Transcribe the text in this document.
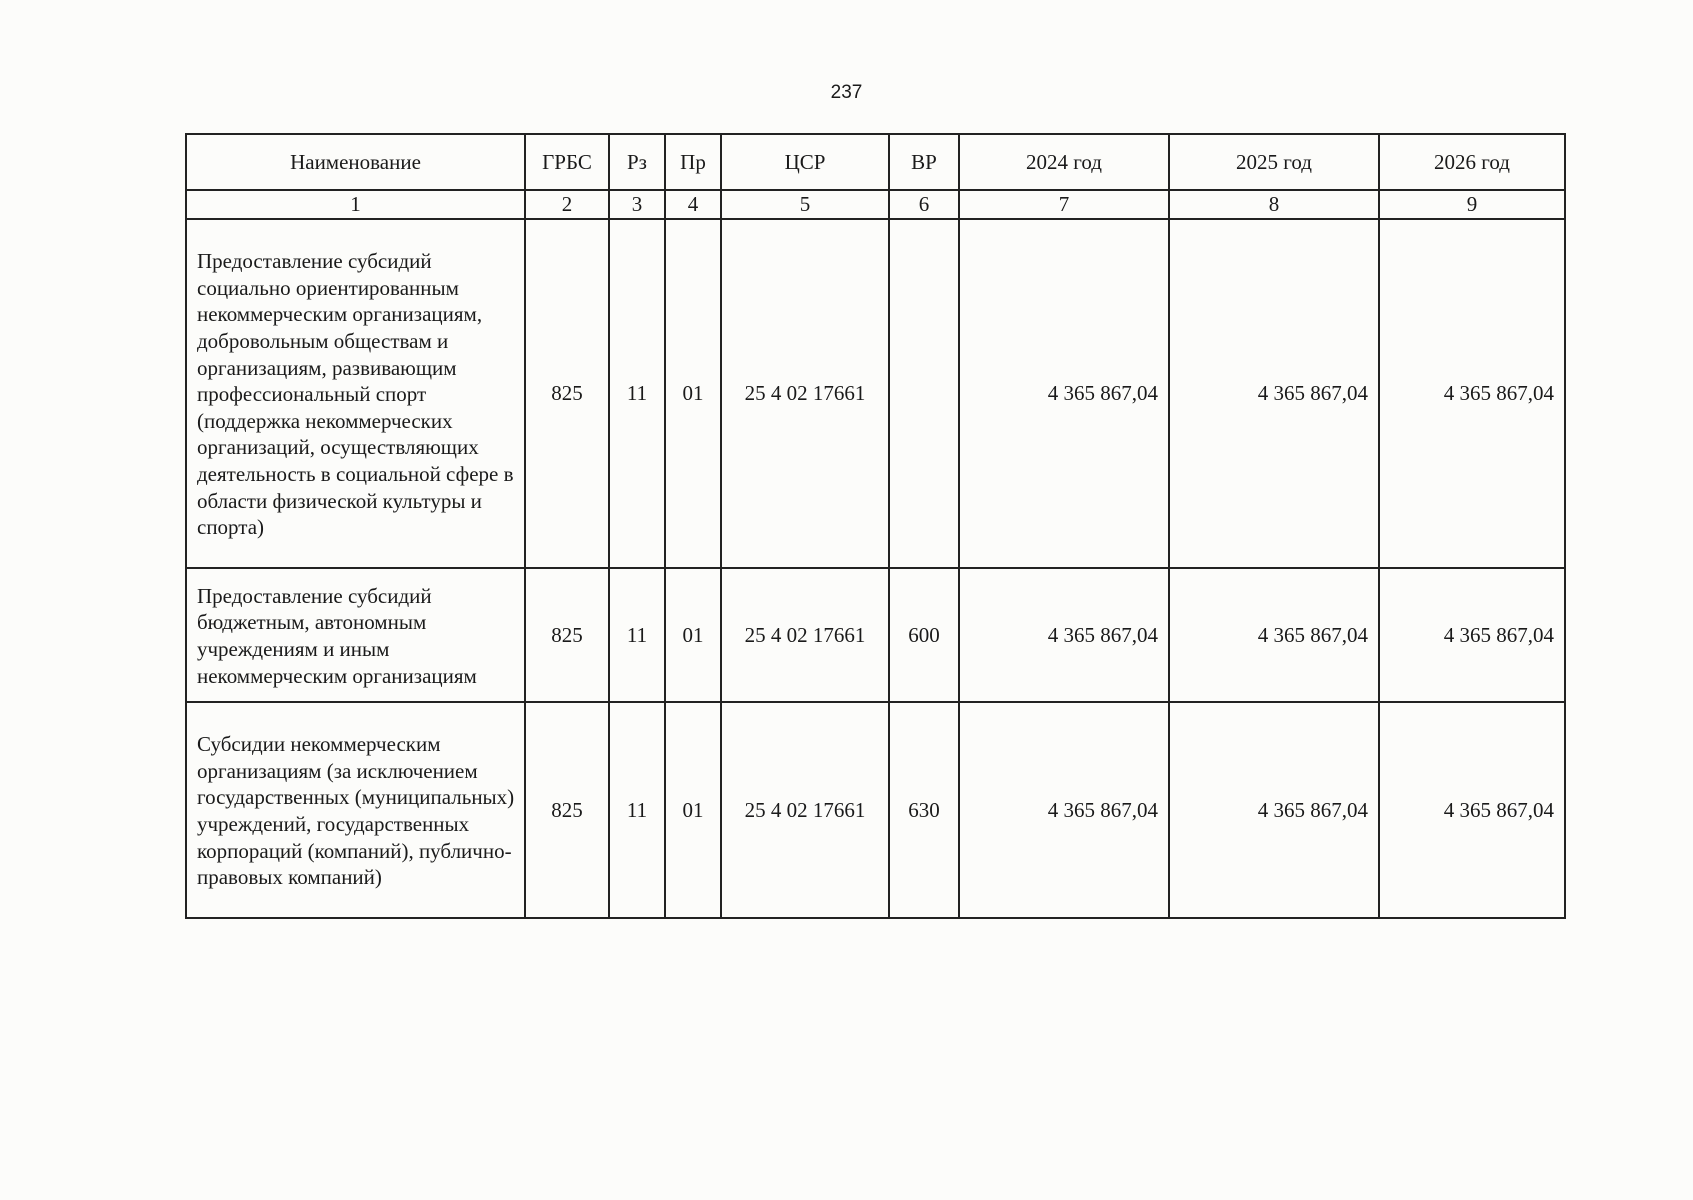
237
Наименование	ГРБС	Рз	Пр	ЦСР	ВР	2024 год	2025 год	2026 год
1	2	3	4	5	6	7	8	9
Предоставление субсидий социально ориентированным некоммерческим организациям, добровольным обществам и организациям, развивающим профессиональный спорт (поддержка некоммерческих организаций, осуществляющих деятельность в социальной сфере в области физической культуры и спорта)	825	11	01	25 4 02 17661		4 365 867,04	4 365 867,04	4 365 867,04
Предоставление субсидий бюджетным, автономным учреждениям и иным некоммерческим организациям	825	11	01	25 4 02 17661	600	4 365 867,04	4 365 867,04	4 365 867,04
Субсидии некоммерческим организациям (за исключением государственных (муниципальных) учреждений, государственных корпораций (компаний), публично-правовых компаний)	825	11	01	25 4 02 17661	630	4 365 867,04	4 365 867,04	4 365 867,04
